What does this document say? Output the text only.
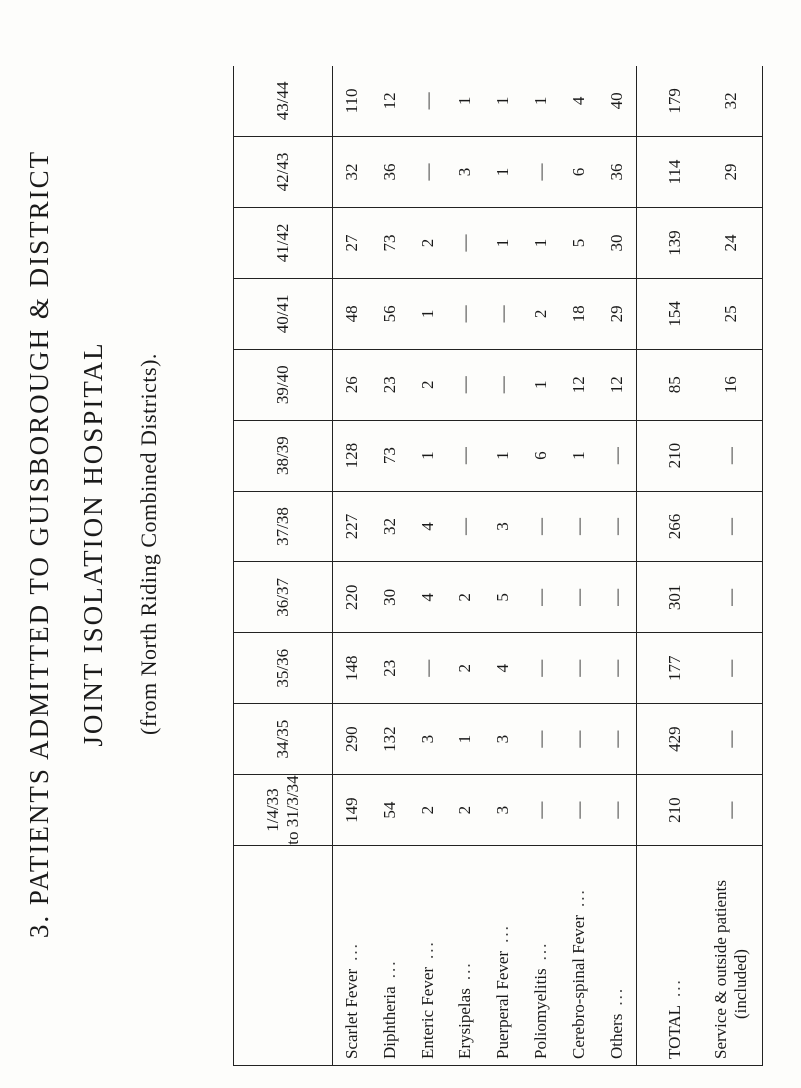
3. PATIENTS ADMITTED TO GUISBOROUGH & DISTRICT JOINT ISOLATION HOSPITAL (from North Riding Combined Districts).
	1/4/33
to 31/3/34	34/35	35/36	36/37	37/38	38/39	39/40	40/41	41/42	42/43	43/44
Scarlet Fever...	149	290	148	220	227	128	26	48	27	32	110
Diphtheria...	54	132	23	30	32	73	23	56	73	36	12
Enteric Fever...	2	3	—	4	4	1	2	1	2	—	—
Erysipelas...	2	1	2	2	—	—	—	—	—	3	1
Puerperal Fever...	3	3	4	5	3	1	—	—	1	1	1
Poliomyelitis...	—	—	—	—	—	6	1	2	1	—	1
Cerebro-spinal Fever...	—	—	—	—	—	1	12	18	5	6	4
Others...	—	—	—	—	—	—	12	29	30	36	40
TOTAL...	210	429	177	301	266	210	85	154	139	114	179
Service & outside patients
(included)	—	—	—	—	—	—	16	25	24	29	32
